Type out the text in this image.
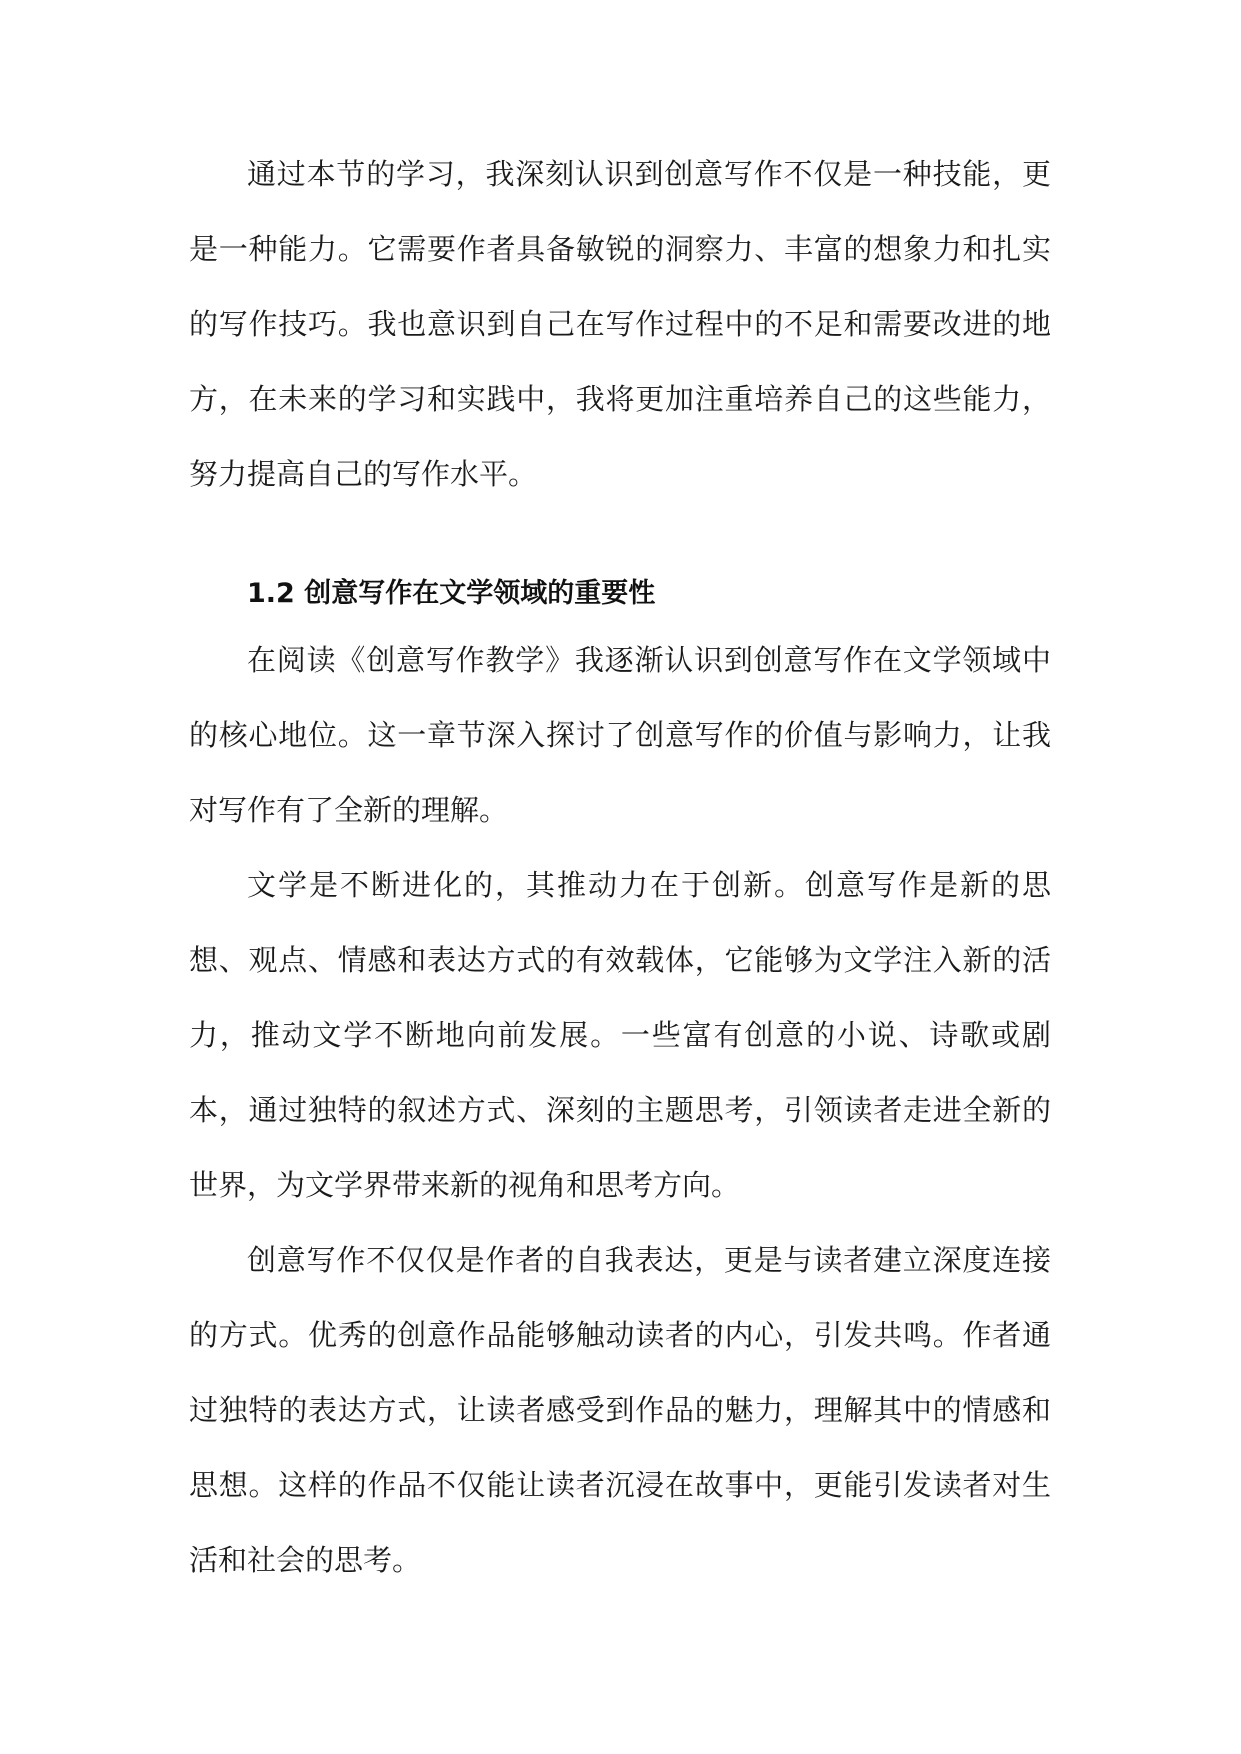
通过本节的学习，我深刻认识到创意写作不仅是一种技能，更是一种能力。它需要作者具备敏锐的洞察力、丰富的想象力和扎实的写作技巧。我也意识到自己在写作过程中的不足和需要改进的地方，在未来的学习和实践中，我将更加注重培养自己的这些能力，努力提高自己的写作水平。

1.2 创意写作在文学领域的重要性

在阅读《创意写作教学》我逐渐认识到创意写作在文学领域中的核心地位。这一章节深入探讨了创意写作的价值与影响力，让我对写作有了全新的理解。

文学是不断进化的，其推动力在于创新。创意写作是新的思想、观点、情感和表达方式的有效载体，它能够为文学注入新的活力，推动文学不断地向前发展。一些富有创意的小说、诗歌或剧本，通过独特的叙述方式、深刻的主题思考，引领读者走进全新的世界，为文学界带来新的视角和思考方向。

创意写作不仅仅是作者的自我表达，更是与读者建立深度连接的方式。优秀的创意作品能够触动读者的内心，引发共鸣。作者通过独特的表达方式，让读者感受到作品的魅力，理解其中的情感和思想。这样的作品不仅能让读者沉浸在故事中，更能引发读者对生活和社会的思考。
